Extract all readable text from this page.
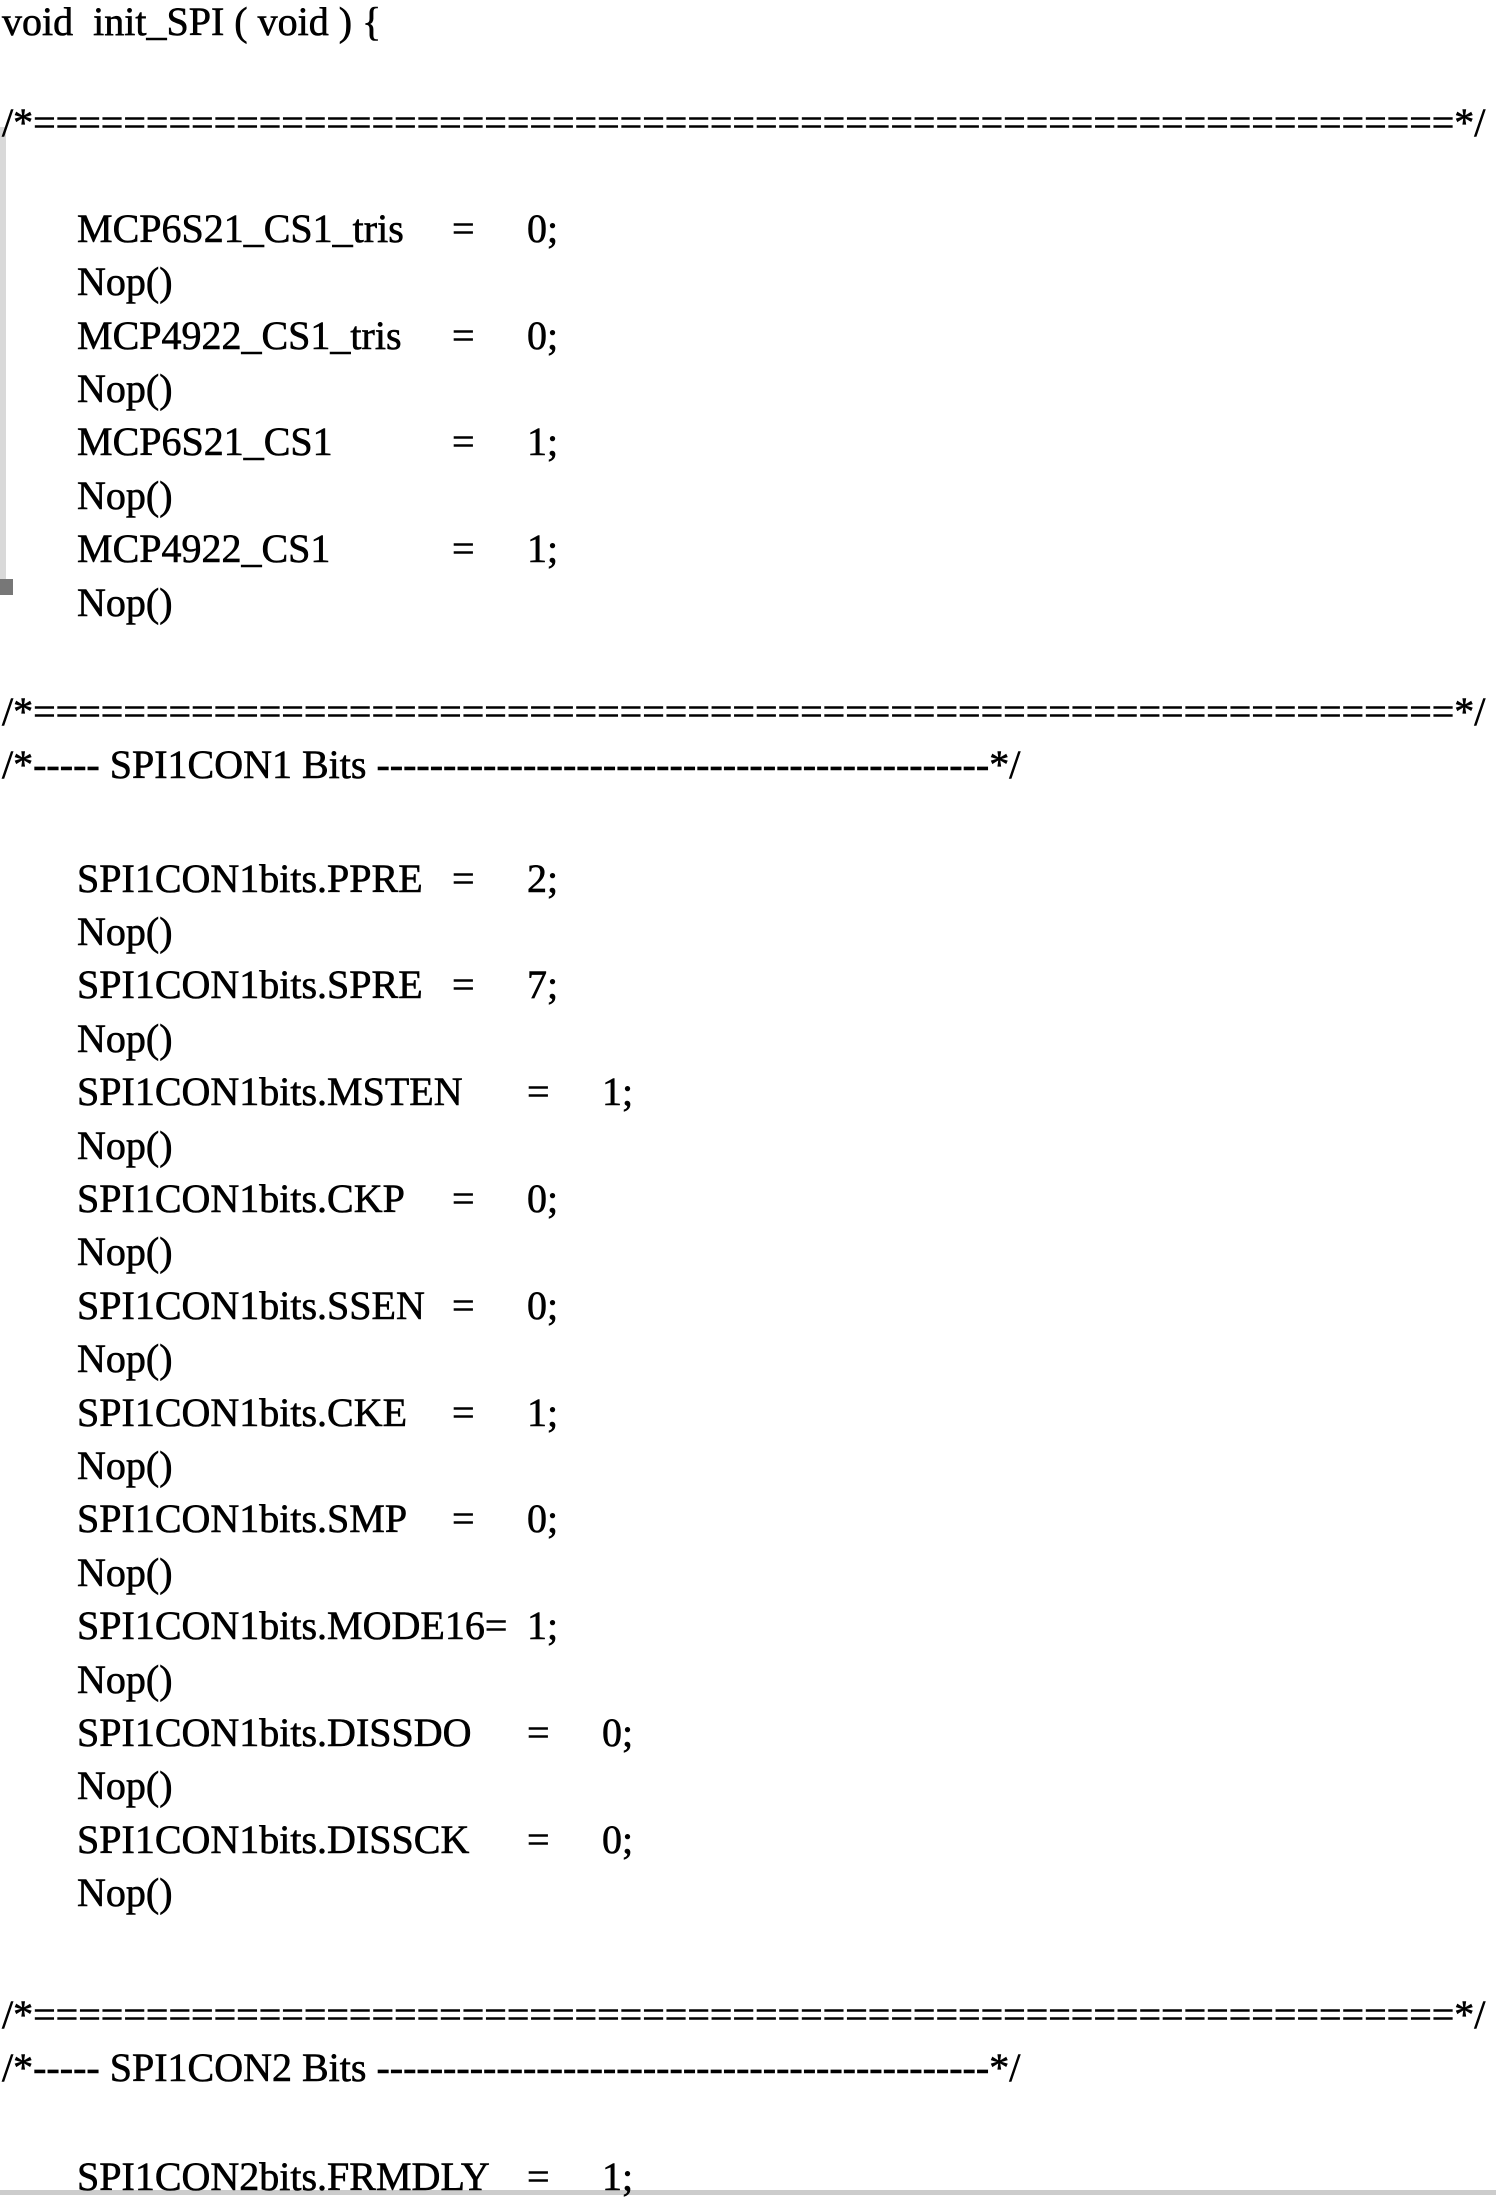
void  init_SPI ( void ) {
/*===============================================================*/
	MCP6S21_CS1_tris	=	0;
	Nop()
	MCP4922_CS1_tris	=	0;
	Nop()
	MCP6S21_CS1		=	1;
	Nop()
	MCP4922_CS1		=	1;
	Nop()
/*===============================================================*/
/*----- SPI1CON1 Bits ----------------------------------------------*/
	SPI1CON1bits.PPRE	=	2;
	Nop()
	SPI1CON1bits.SPRE	=	7;
	Nop()
	SPI1CON1bits.MSTEN	=	1;
	Nop()
	SPI1CON1bits.CKP	=	0;
	Nop()
	SPI1CON1bits.SSEN	=	0;
	Nop()
	SPI1CON1bits.CKE	=	1;
	Nop()
	SPI1CON1bits.SMP	=	0;
	Nop()
	SPI1CON1bits.MODE16=	1;
	Nop()
	SPI1CON1bits.DISSDO	=	0;
	Nop()
	SPI1CON1bits.DISSCK	=	0;
	Nop()
/*===============================================================*/
/*----- SPI1CON2 Bits ----------------------------------------------*/
	SPI1CON2bits.FRMDLY	=	1;
